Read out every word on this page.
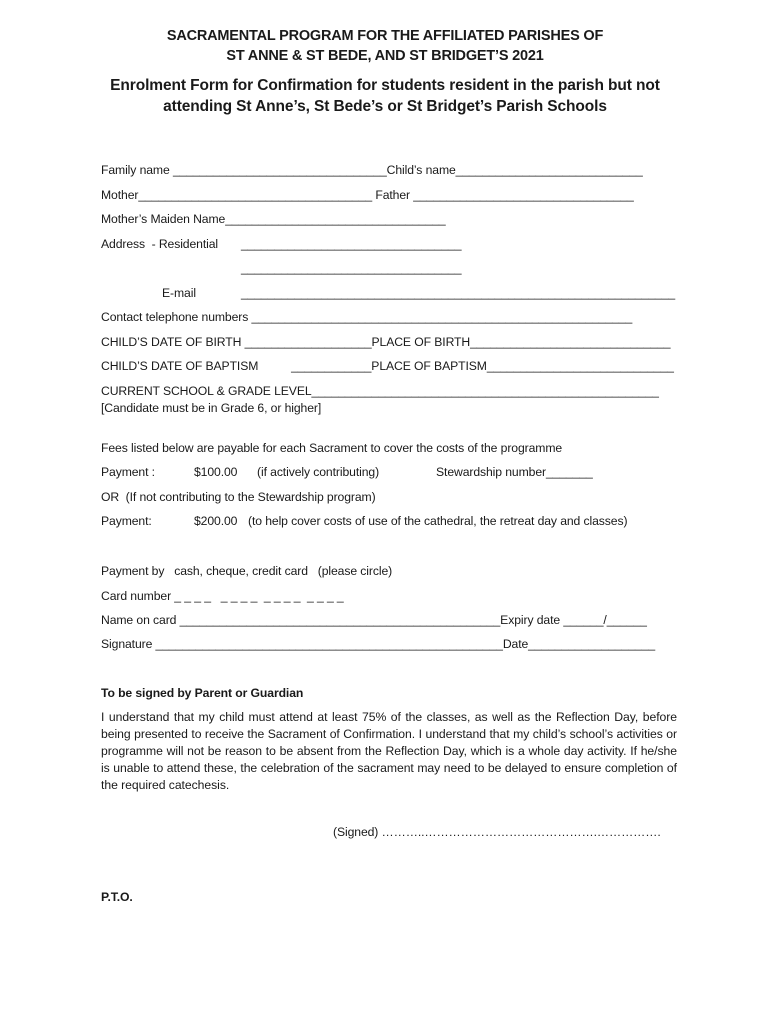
SACRAMENTAL PROGRAM FOR THE AFFILIATED PARISHES OF
ST ANNE & ST BEDE, AND ST BRIDGET’S 2021
Enrolment Form for Confirmation for students resident in the parish but not
attending St Anne’s, St Bede’s or St Bridget’s Parish Schools
Family name ________________________________Child’s name____________________________
Mother___________________________________ Father _________________________________
Mother’s Maiden Name_________________________________
Address  - Residential _________________________________
_________________________________
E-mail	_________________________________________________________________
Contact telephone numbers _________________________________________________________
CHILD’S DATE OF BIRTH ___________________PLACE OF BIRTH______________________________
CHILD’S DATE OF BAPTISM          ____________PLACE OF BAPTISM____________________________
CURRENT SCHOOL & GRADE LEVEL____________________________________________________
[Candidate must be in Grade 6, or higher]
Fees listed below are payable for each Sacrament to cover the costs of the programme
Payment :	$100.00 (if actively contributing)	Stewardship number_______
OR  (If not contributing to the Stewardship program)
Payment:	$200.00 (to help cover costs of use of the cathedral, the retreat day and classes)
Payment by   cash, cheque, credit card   (please circle)
Card number _ _ _ _   _ _ _ _  _ _ _ _  _ _ _ _
Name on card ________________________________________________Expiry date ______/______
Signature ____________________________________________________Date___________________
To be signed by Parent or Guardian
I understand that my child must attend at least 75% of the classes, as well as the Reflection Day, before being presented to receive the Sacrament of Confirmation. I understand that my child’s school’s activities or programme will not be reason to be absent from the Reflection Day, which is a whole day activity. If he/she is unable to attend these, the celebration of the sacrament may need to be delayed to ensure completion of the required catechesis.
(Signed) ………..…………………………………….…………….
P.T.O.
